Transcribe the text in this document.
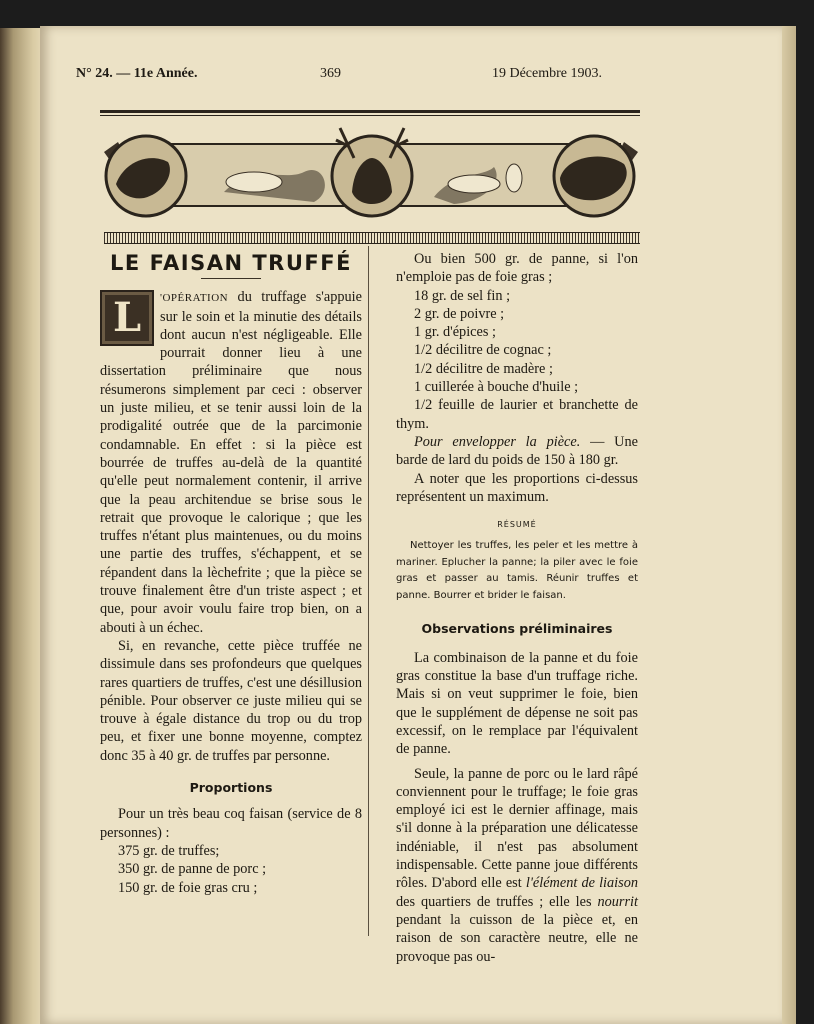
N° 24. — 11e Année.	369	19 Décembre 1903.
LE FAISAN TRUFFÉ

L	'OPÉRATION du truffage s'appuie sur le soin et la minutie des détails dont aucun n'est négligeable. Elle pourrait donner lieu à une dissertation préliminaire que nous résumerons simplement par ceci : observer un juste milieu, et se tenir aussi loin de la prodigalité outrée que de la parcimonie condamnable. En effet : si la pièce est bourrée de truffes au-delà de la quantité qu'elle peut normalement contenir, il arrive que la peau architendue se brise sous le retrait que provoque le calorique ; que les truffes n'étant plus maintenues, ou du moins une partie des truffes, s'échappent, et se répandent dans la lèchefrite ; que la pièce se trouve finalement être d'un triste aspect ; et que, pour avoir voulu faire trop bien, on a abouti à un échec.

Si, en revanche, cette pièce truffée ne dissimule dans ses profondeurs que quelques rares quartiers de truffes, c'est une désillusion pénible. Pour observer ce juste milieu qui se trouve à égale distance du trop ou du trop peu, et fixer une bonne moyenne, comptez donc 35 à 40 gr. de truffes par personne.

Proportions

Pour un très beau coq faisan (service de 8 personnes) :

375 gr. de truffes;

350 gr. de panne de porc ;

150 gr. de foie gras cru ;

Ou bien 500 gr. de panne, si l'on n'emploie pas de foie gras ;

18 gr. de sel fin ;

2 gr. de poivre ;

1 gr. d'épices ;

1/2 décilitre de cognac ;

1/2 décilitre de madère ;

1 cuillerée à bouche d'huile ;

1/2 feuille de laurier et branchette de thym.

Pour envelopper la pièce. — Une barde de lard du poids de 150 à 180 gr.

A noter que les proportions ci-dessus représentent un maximum.

RÉSUMÉ

Nettoyer les truffes, les peler et les mettre à mariner. Eplucher la panne; la piler avec le foie gras et passer au tamis. Réunir truffes et panne. Bourrer et brider le faisan.

Observations préliminaires

La combinaison de la panne et du foie gras constitue la base d'un truffage riche. Mais si on veut supprimer le foie, bien que le supplément de dépense ne soit pas excessif, on le remplace par l'équivalent de panne.

Seule, la panne de porc ou le lard râpé conviennent pour le truffage; le foie gras employé ici est le dernier affinage, mais s'il donne à la préparation une délicatesse indéniable, il n'est pas absolument indispensable. Cette panne joue différents rôles. D'abord elle est l'élément de liaison des quartiers de truffes ; elle les nourrit pendant la cuisson de la pièce et, en raison de son caractère neutre, elle ne provoque pas ou-
